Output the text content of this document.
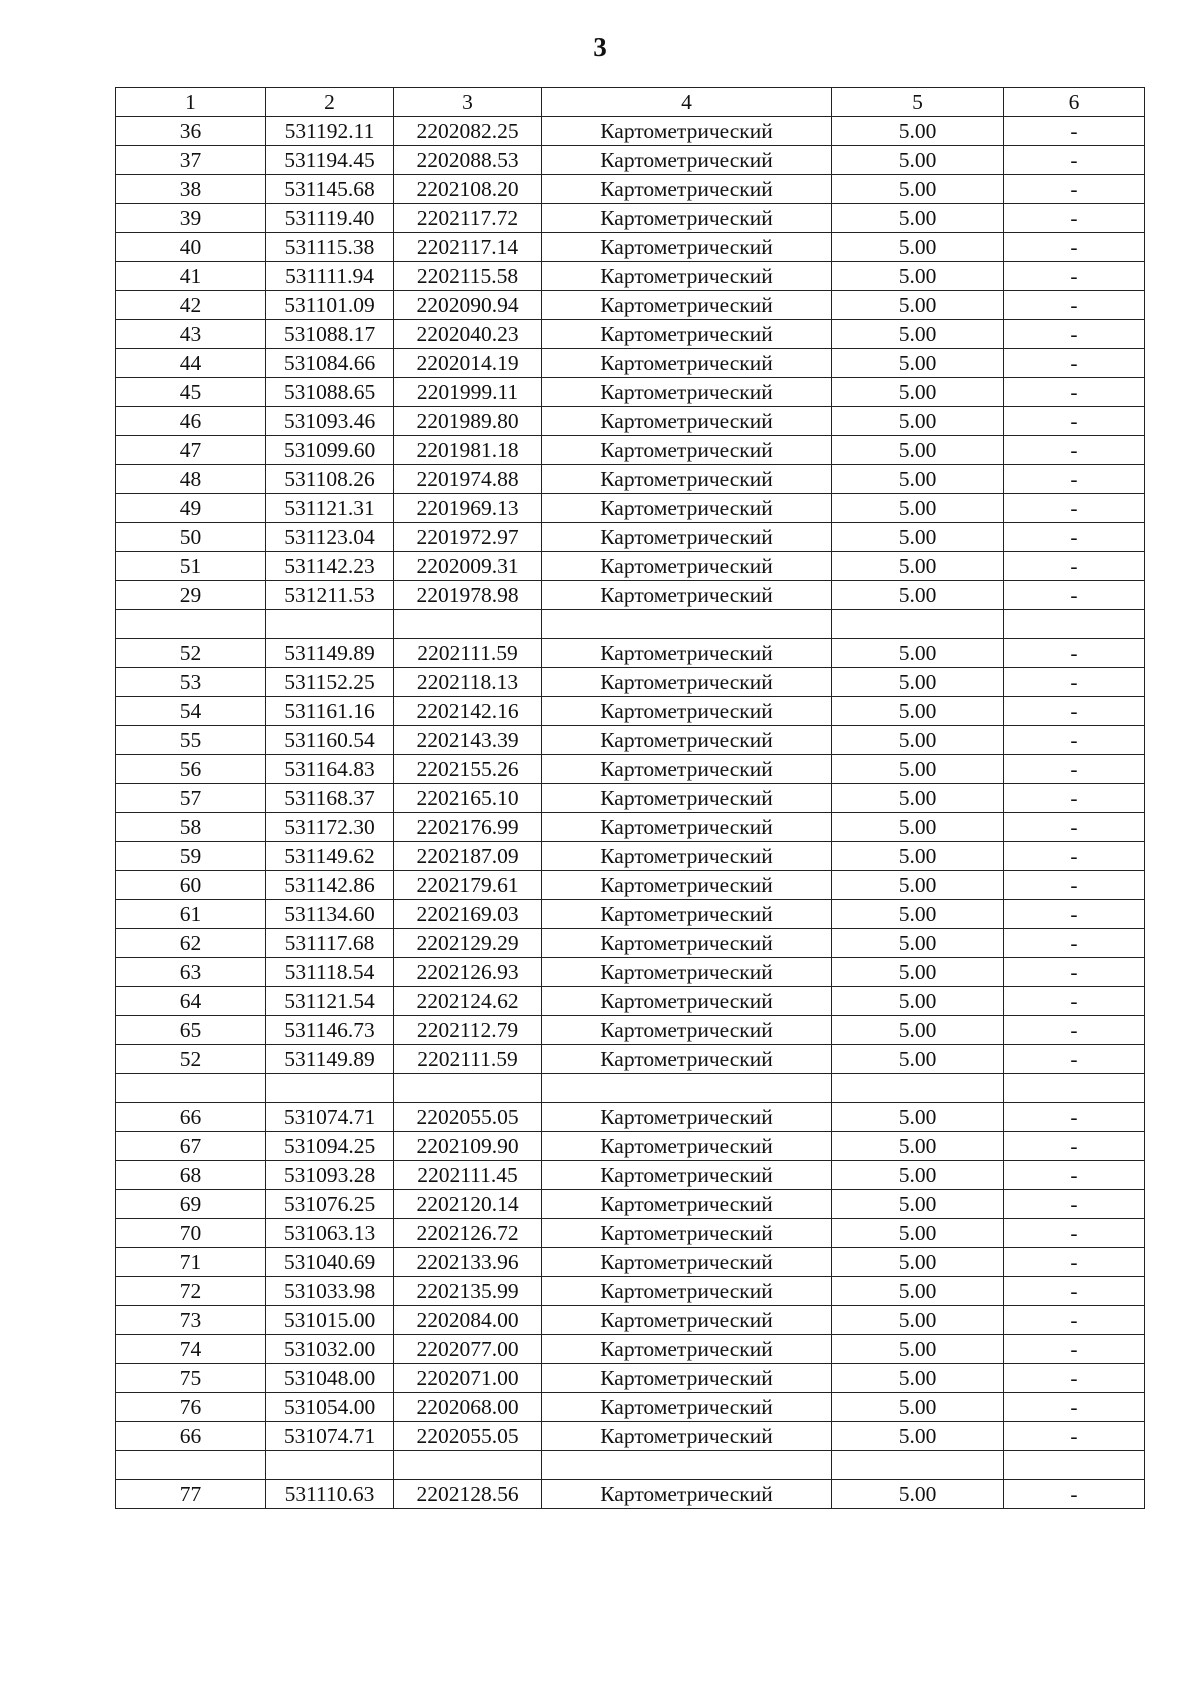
3
1	2	3	4	5	6
36	531192.11	2202082.25	Картометрический	5.00	-
37	531194.45	2202088.53	Картометрический	5.00	-
38	531145.68	2202108.20	Картометрический	5.00	-
39	531119.40	2202117.72	Картометрический	5.00	-
40	531115.38	2202117.14	Картометрический	5.00	-
41	531111.94	2202115.58	Картометрический	5.00	-
42	531101.09	2202090.94	Картометрический	5.00	-
43	531088.17	2202040.23	Картометрический	5.00	-
44	531084.66	2202014.19	Картометрический	5.00	-
45	531088.65	2201999.11	Картометрический	5.00	-
46	531093.46	2201989.80	Картометрический	5.00	-
47	531099.60	2201981.18	Картометрический	5.00	-
48	531108.26	2201974.88	Картометрический	5.00	-
49	531121.31	2201969.13	Картометрический	5.00	-
50	531123.04	2201972.97	Картометрический	5.00	-
51	531142.23	2202009.31	Картометрический	5.00	-
29	531211.53	2201978.98	Картометрический	5.00	-

52	531149.89	2202111.59	Картометрический	5.00	-
53	531152.25	2202118.13	Картометрический	5.00	-
54	531161.16	2202142.16	Картометрический	5.00	-
55	531160.54	2202143.39	Картометрический	5.00	-
56	531164.83	2202155.26	Картометрический	5.00	-
57	531168.37	2202165.10	Картометрический	5.00	-
58	531172.30	2202176.99	Картометрический	5.00	-
59	531149.62	2202187.09	Картометрический	5.00	-
60	531142.86	2202179.61	Картометрический	5.00	-
61	531134.60	2202169.03	Картометрический	5.00	-
62	531117.68	2202129.29	Картометрический	5.00	-
63	531118.54	2202126.93	Картометрический	5.00	-
64	531121.54	2202124.62	Картометрический	5.00	-
65	531146.73	2202112.79	Картометрический	5.00	-
52	531149.89	2202111.59	Картометрический	5.00	-

66	531074.71	2202055.05	Картометрический	5.00	-
67	531094.25	2202109.90	Картометрический	5.00	-
68	531093.28	2202111.45	Картометрический	5.00	-
69	531076.25	2202120.14	Картометрический	5.00	-
70	531063.13	2202126.72	Картометрический	5.00	-
71	531040.69	2202133.96	Картометрический	5.00	-
72	531033.98	2202135.99	Картометрический	5.00	-
73	531015.00	2202084.00	Картометрический	5.00	-
74	531032.00	2202077.00	Картометрический	5.00	-
75	531048.00	2202071.00	Картометрический	5.00	-
76	531054.00	2202068.00	Картометрический	5.00	-
66	531074.71	2202055.05	Картометрический	5.00	-

77	531110.63	2202128.56	Картометрический	5.00	-
